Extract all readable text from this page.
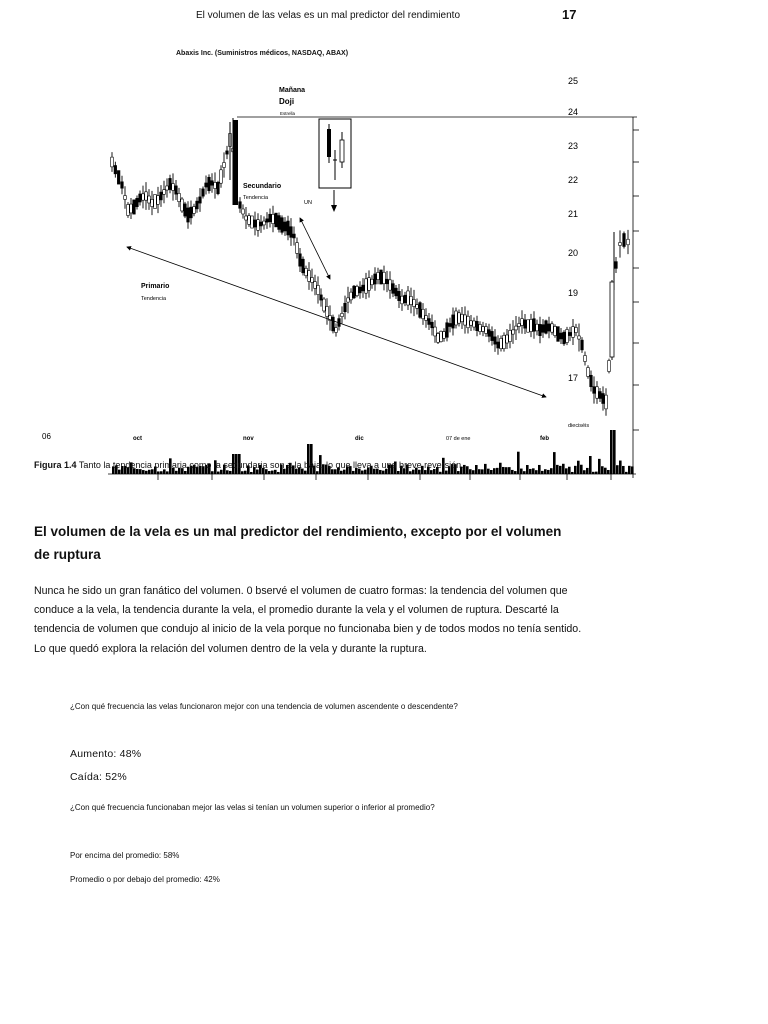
El volumen de las velas es un mal predictor del rendimiento	17
Abaxis Inc. (Suministros médicos, NASDAQ, ABAX)
25
24
23
22
21
20
19
17
dieciséis
06	oct	nov	dic	07 de ene	feb
Mañana
Doji
Estrella
Secundario
Tendencia
UN
Primario
Tendencia
Figura 1.4 Tanto la tendencia primaria como la secundaria son a la baja, lo que lleva a una breve reversión.
El volumen de la vela es un mal predictor del rendimiento, excepto por el volumen de ruptura
Nunca he sido un gran fanático del volumen. 0 bservé el volumen de cuatro formas: la tendencia del volumen que conduce a la vela, la tendencia durante la vela, el promedio durante la vela y el volumen de ruptura. Descarté la tendencia de volumen que condujo al inicio de la vela porque no funcionaba bien y de todos modos no tenía sentido. Lo que quedó explora la relación del volumen dentro de la vela y durante la ruptura.
¿Con qué frecuencia las velas funcionaron mejor con una tendencia de volumen ascendente o descendente?
Aumento: 48%
Caída: 52%
¿Con qué frecuencia funcionaban mejor las velas si tenían un volumen superior o inferior al promedio?
Por encima del promedio: 58%
Promedio o por debajo del promedio: 42%
